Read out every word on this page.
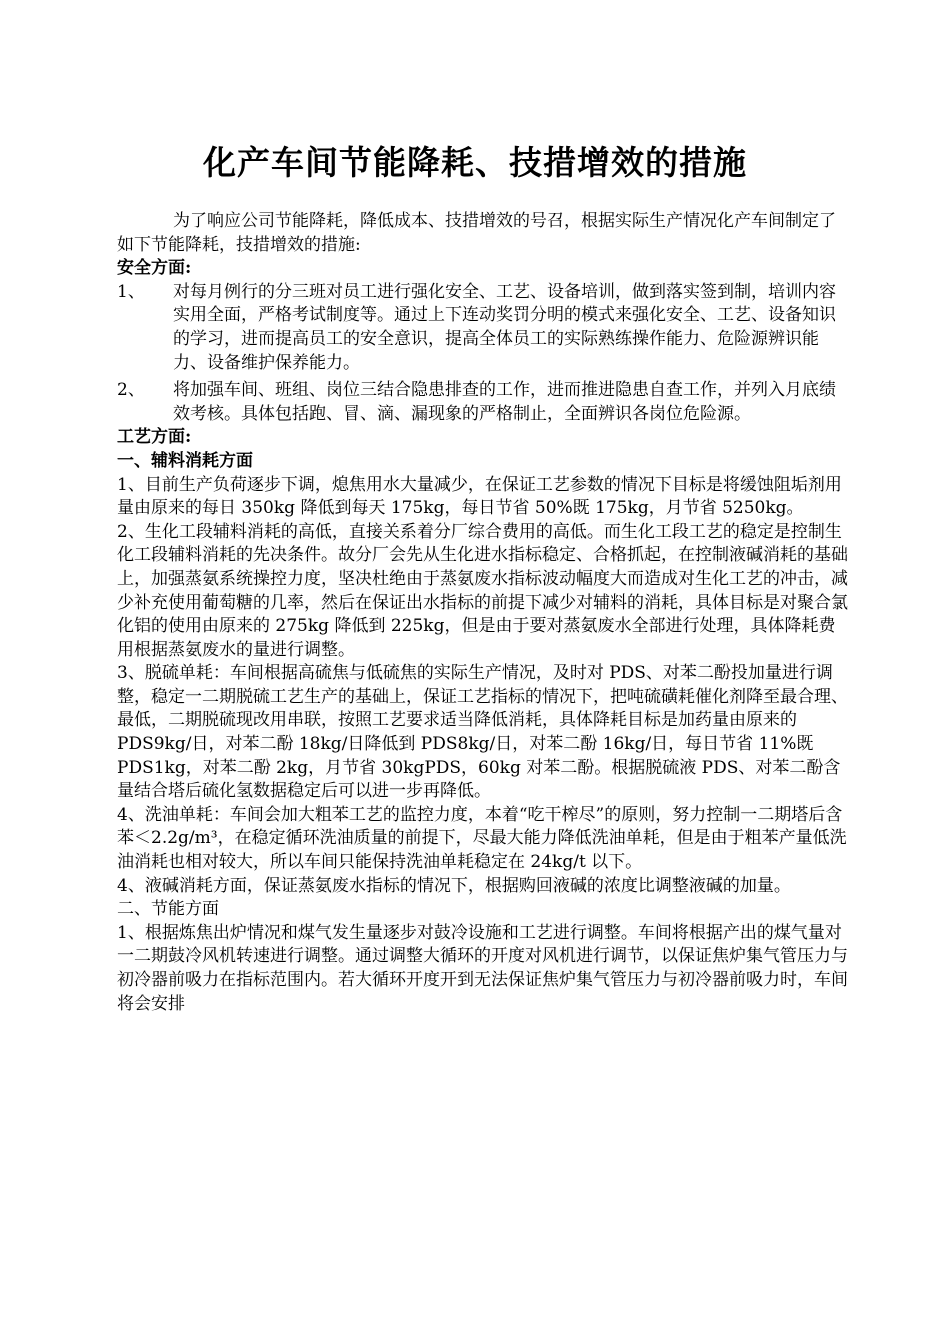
化产车间节能降耗、技措增效的措施

为了响应公司节能降耗，降低成本、技措增效的号召，根据实际生产情况化产车间制定了如下节能降耗，技措增效的措施:

安全方面:

1、 对每月例行的分三班对员工进行强化安全、工艺、设备培训，做到落实签到制，培训内容实用全面，严格考试制度等。通过上下连动奖罚分明的模式来强化安全、工艺、设备知识的学习，进而提高员工的安全意识，提高全体员工的实际熟练操作能力、危险源辨识能力、设备维护保养能力。

2、 将加强车间、班组、岗位三结合隐患排查的工作，进而推进隐患自查工作，并列入月底绩效考核。具体包括跑、冒、滴、漏现象的严格制止，全面辨识各岗位危险源。

工艺方面:

一、辅料消耗方面

1、目前生产负荷逐步下调，熄焦用水大量减少，在保证工艺参数的情况下目标是将缓蚀阻垢剂用量由原来的每日 350kg 降低到每天 175kg，每日节省 50%既 175kg，月节省 5250kg。

2、生化工段辅料消耗的高低，直接关系着分厂综合费用的高低。而生化工段工艺的稳定是控制生化工段辅料消耗的先决条件。故分厂会先从生化进水指标稳定、合格抓起，在控制液碱消耗的基础上，加强蒸氨系统操控力度，坚决杜绝由于蒸氨废水指标波动幅度大而造成对生化工艺的冲击，减少补充使用葡萄糖的几率，然后在保证出水指标的前提下减少对辅料的消耗，具体目标是对聚合氯化铝的使用由原来的 275kg 降低到 225kg，但是由于要对蒸氨废水全部进行处理，具体降耗费用根据蒸氨废水的量进行调整。

3、脱硫单耗：车间根据高硫焦与低硫焦的实际生产情况，及时对 PDS、对苯二酚投加量进行调整，稳定一二期脱硫工艺生产的基础上，保证工艺指标的情况下，把吨硫磺耗催化剂降至最合理、最低，二期脱硫现改用串联，按照工艺要求适当降低消耗，具体降耗目标是加药量由原来的 PDS9kg/日，对苯二酚 18kg/日降低到 PDS8kg/日，对苯二酚 16kg/日，每日节省 11%既 PDS1kg，对苯二酚 2kg，月节省 30kgPDS，60kg 对苯二酚。根据脱硫液 PDS、对苯二酚含量结合塔后硫化氢数据稳定后可以进一步再降低。

4、洗油单耗：车间会加大粗苯工艺的监控力度，本着“吃干榨尽”的原则，努力控制一二期塔后含苯＜2.2g/m³，在稳定循环洗油质量的前提下，尽最大能力降低洗油单耗，但是由于粗苯产量低洗油消耗也相对较大，所以车间只能保持洗油单耗稳定在 24kg/t 以下。

4、液碱消耗方面，保证蒸氨废水指标的情况下，根据购回液碱的浓度比调整液碱的加量。

二、节能方面

1、根据炼焦出炉情况和煤气发生量逐步对鼓冷设施和工艺进行调整。车间将根据产出的煤气量对一二期鼓冷风机转速进行调整。通过调整大循环的开度对风机进行调节，以保证焦炉集气管压力与初冷器前吸力在指标范围内。若大循环开度开到无法保证焦炉集气管压力与初冷器前吸力时，车间将会安排
